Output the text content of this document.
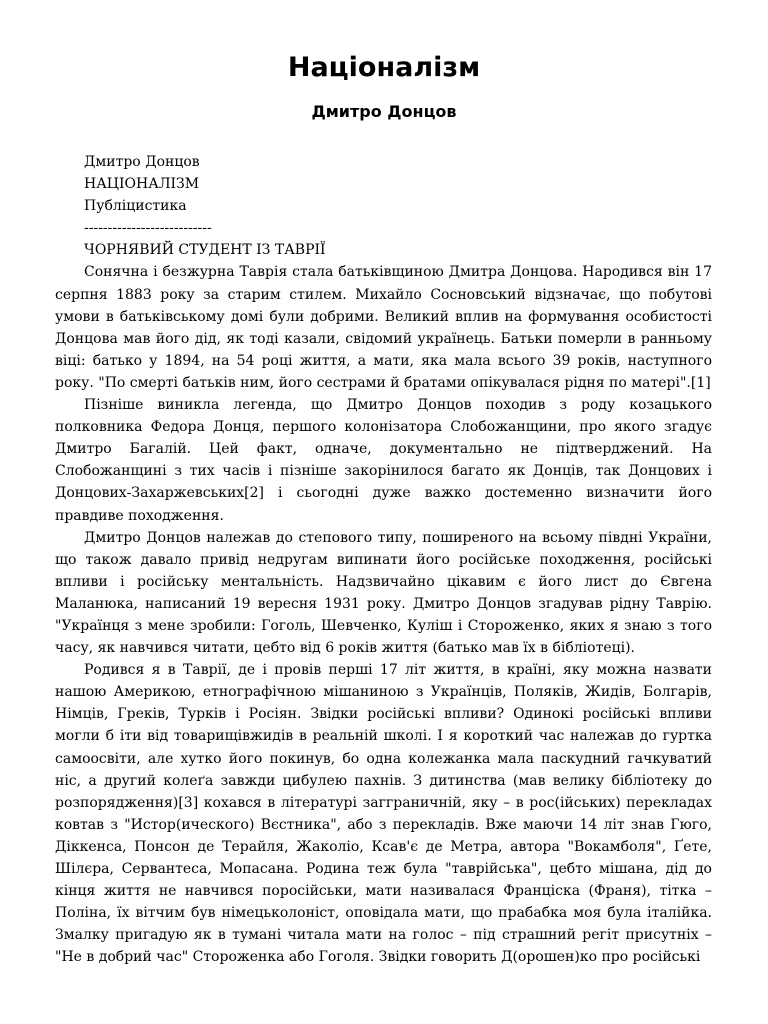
Націоналізм
Дмитро Донцов

Дмитро Донцов

НАЦІОНАЛІЗМ

Публіцистика

---------------------------

ЧОРНЯВИЙ СТУДЕНТ ІЗ ТАВРІЇ

Сонячна і безжурна Таврія стала батьківщиною Дмитра Донцова. Народився він 17 серпня 1883 року за старим стилем. Михайло Сосновський відзначає, що побутові умови в батьківському домі були добрими. Великий вплив на формування особистості Донцова мав його дід, як тоді казали, свідомий українець. Батьки померли в ранньому віці: батько у 1894, на 54 році життя, а мати, яка мала всього 39 років, наступного року. "По смерті батьків ним, його сестрами й братами опікувалася рідня по матері".[1]

Пізніше виникла легенда, що Дмитро Донцов походив з роду козацького полковника Федора Донця, першого колонізатора Слобожанщини, про якого згадує Дмитро Багалій. Цей факт, одначе, документально не підтверджений. На Слобожанщині з тих часів і пізніше закорінилося багато як Донців, так Донцових і Донцових-Захаржевських[2] і сьогодні дуже важко достеменно визначити його правдиве походження.

Дмитро Донцов належав до степового типу, поширеного на всьому півдні України, що також давало привід недругам випинати його російське походження, російські впливи і російську ментальність. Надзвичайно цікавим є його лист до Євгена Маланюка, написаний 19 вересня 1931 року. Дмитро Донцов згадував рідну Таврію. "Українця з мене зробили: Гоголь, Шевченко, Куліш і Стороженко, яких я знаю з того часу, як навчився читати, цебто від 6 років життя (батько мав їх в бібліотеці).

Родився я в Таврії, де і провів перші 17 літ життя, в країні, яку можна назвати нашою Америкою, етнографічною мішаниною з Українців, Поляків, Жидів, Болгарів, Німців, Греків, Турків і Росіян. Звідки російські впливи? Одинокі російські впливи могли б іти від товарищівжидів в реальній школі. І я короткий час належав до гуртка самоосвіти, але хутко його покинув, бо одна колежанка мала паскудний гачкуватий ніс, а другий колеґа завжди цибулею пахнів. З дитинства (мав велику бібліотеку до розпорядження)[3] кохався в літературі загграничній, яку – в рос(ійських) перекладах ковтав з "Истор(ического) Вєстника", або з перекладів. Вже маючи 14 літ знав Гюго, Діккенса, Понсон де Терайля, Жаколіо, Ксав'є де Метра, автора "Вокамболя", Ґете, Шілєра, Сервантеса, Мопасана. Родина теж була "таврійська", цебто мішана, дід до кінця життя не навчився поросійськи, мати називалася Франціска (Франя), тітка – Поліна, їх вітчим був німецьколоніст, оповідала мати, що прабабка моя була італійка. Змалку пригадую як в тумані читала мати на голос – під страшний регіт присутніх – "Не в добрий час" Стороженка або Гоголя. Звідки говорить Д(орошен)ко про російські
